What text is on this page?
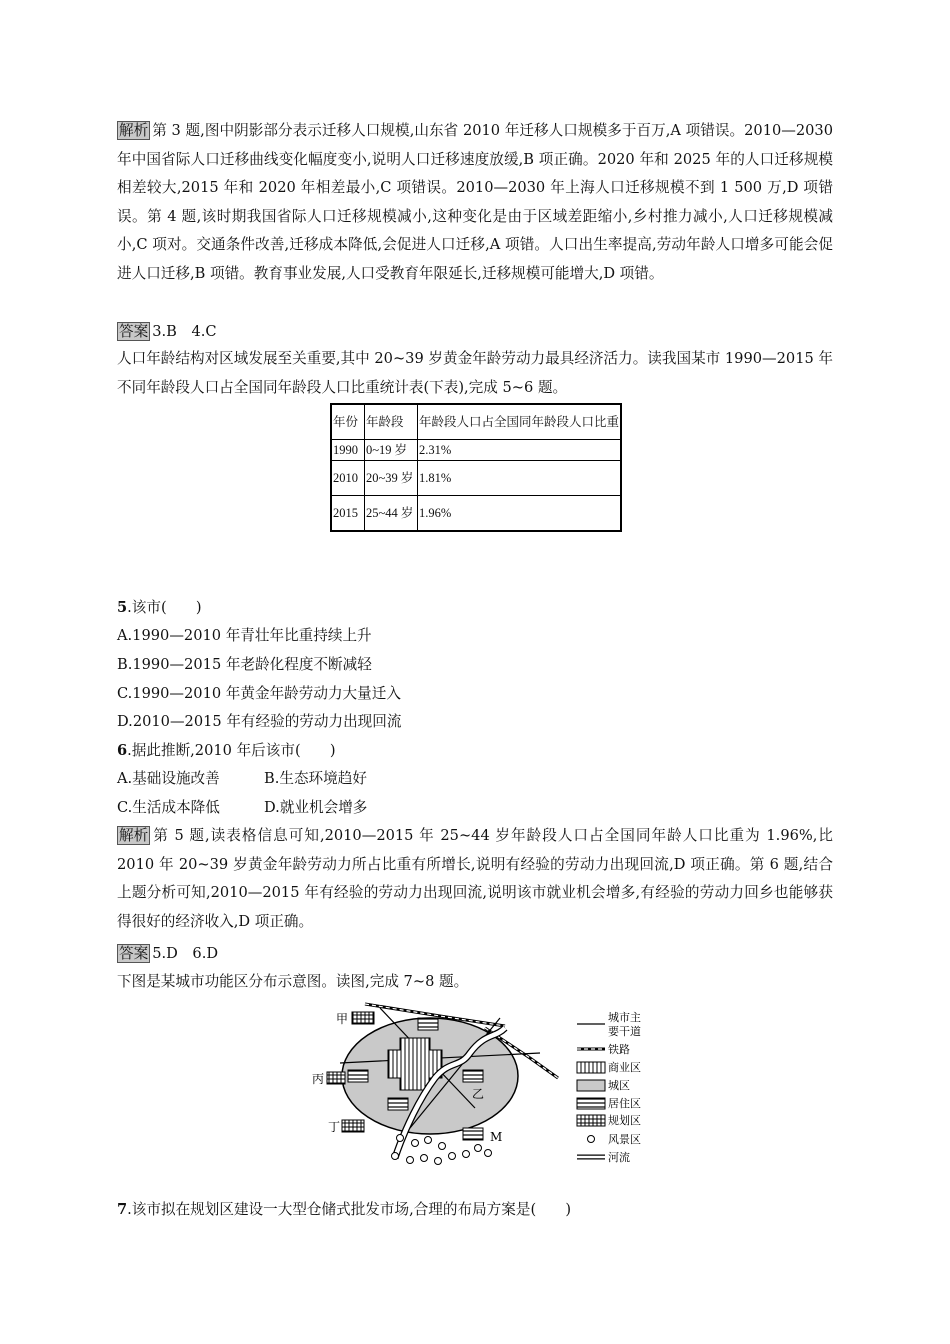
解析 第 3 题,图中阴影部分表示迁移人口规模,山东省 2010 年迁移人口规模多于百万,A 项错误。2010—2030 年中国省际人口迁移曲线变化幅度变小,说明人口迁移速度放缓,B 项正确。2020 年和 2025 年的人口迁移规模相差较大,2015 年和 2020 年相差最小,C 项错误。2010—2030 年上海人口迁移规模不到 1 500 万,D 项错误。第 4 题,该时期我国省际人口迁移规模减小,这种变化是由于区域差距缩小,乡村推力减小,人口迁移规模减小,C 项对。交通条件改善,迁移成本降低,会促进人口迁移,A 项错。人口出生率提高,劳动年龄人口增多可能会促进人口迁移,B 项错。教育事业发展,人口受教育年限延长,迁移规模可能增大,D 项错。
答案 3.B　4.C
人口年龄结构对区域发展至关重要,其中 20~39 岁黄金年龄劳动力最具经济活力。读我国某市 1990—2015 年不同年龄段人口占全国同年龄段人口比重统计表(下表),完成 5~6 题。
年份	年龄段	年龄段人口占全国同年龄段人口比重
1990	0~19 岁	2.31%
2010	20~39 岁	1.81%
2015	25~44 岁	1.96%
5.该市(　　)
A.1990—2010 年青壮年比重持续上升
B.1990—2015 年老龄化程度不断减轻
C.1990—2010 年黄金年龄劳动力大量迁入
D.2010—2015 年有经验的劳动力出现回流
6.据此推断,2010 年后该市(　　)
A.基础设施改善	B.生态环境趋好
C.生活成本降低	D.就业机会增多
解析 第 5 题,读表格信息可知,2010—2015 年 25~44 岁年龄段人口占全国同年龄人口比重为 1.96%,比 2010 年 20~39 岁黄金年龄劳动力所占比重有所增长,说明有经验的劳动力出现回流,D 项正确。第 6 题,结合上题分析可知,2010—2015 年有经验的劳动力出现回流,说明该市就业机会增多,有经验的劳动力回乡也能够获得很好的经济收入,D 项正确。
答案 5.D　6.D
下图是某城市功能区分布示意图。读图,完成 7~8 题。
甲
乙
丙
丁
M
城市主
要干道
铁路
商业区
城区
居住区
规划区
风景区
河流
7.该市拟在规划区建设一大型仓储式批发市场,合理的布局方案是(　　)
